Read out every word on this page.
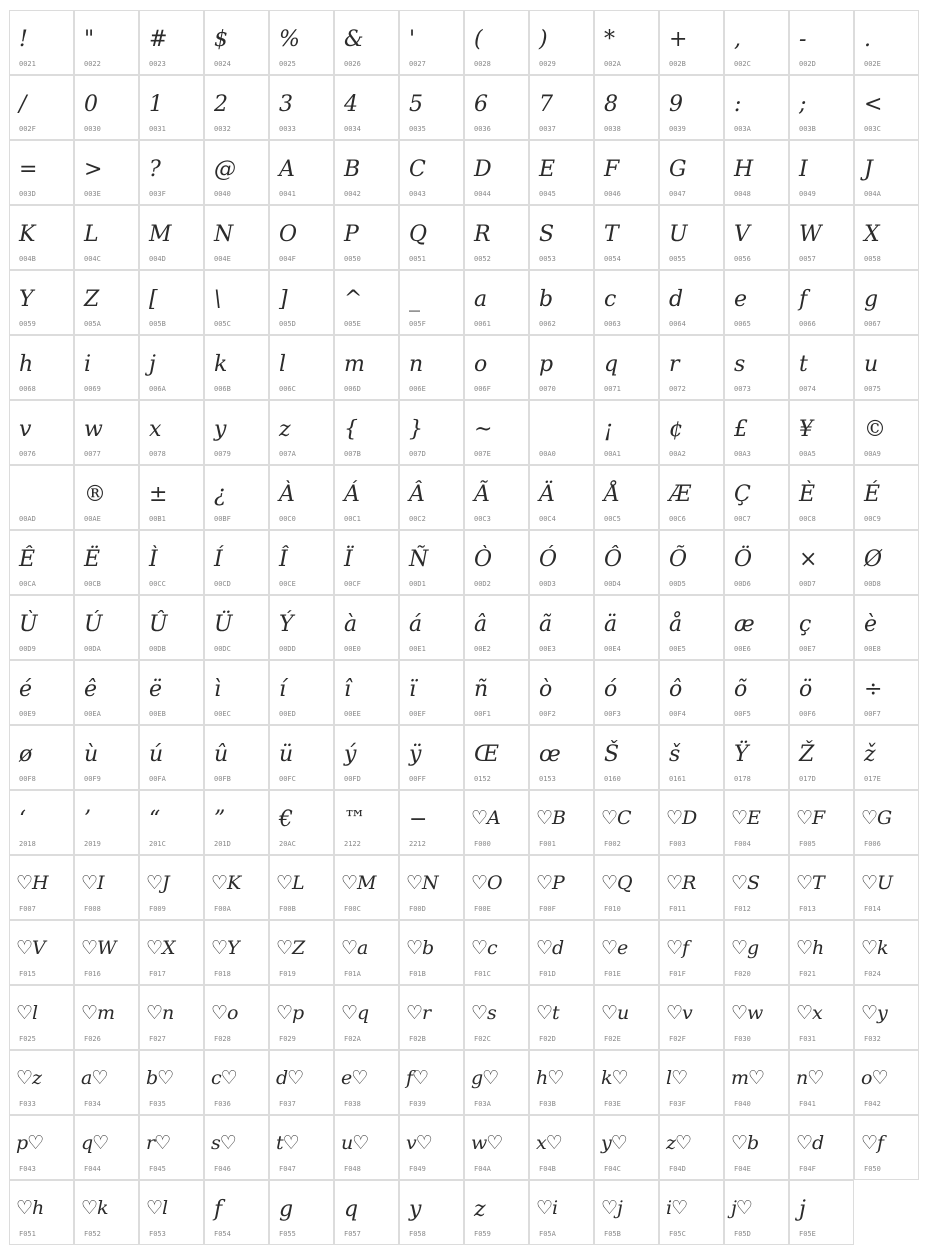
!
0021
"
0022
#
0023
$
0024
%
0025
&
0026
'
0027
(
0028
)
0029
*
002A
+
002B
,
002C
-
002D
.
002E
/
002F
0
0030
1
0031
2
0032
3
0033
4
0034
5
0035
6
0036
7
0037
8
0038
9
0039
:
003A
;
003B
<
003C
=
003D
>
003E
?
003F
@
0040
A
0041
B
0042
C
0043
D
0044
E
0045
F
0046
G
0047
H
0048
I
0049
J
004A
K
004B
L
004C
M
004D
N
004E
O
004F
P
0050
Q
0051
R
0052
S
0053
T
0054
U
0055
V
0056
W
0057
X
0058
Y
0059
Z
005A
[
005B
\
005C
]
005D
^
005E
_
005F
a
0061
b
0062
c
0063
d
0064
e
0065
f
0066
g
0067
h
0068
i
0069
j
006A
k
006B
l
006C
m
006D
n
006E
o
006F
p
0070
q
0071
r
0072
s
0073
t
0074
u
0075
v
0076
w
0077
x
0078
y
0079
z
007A
{
007B
}
007D
~
007E	00A0
¡
00A1
¢
00A2
£
00A3
¥
00A5
©
00A9
00AD
®
00AE
±
00B1
¿
00BF
À
00C0
Á
00C1
Â
00C2
Ã
00C3
Ä
00C4
Å
00C5
Æ
00C6
Ç
00C7
È
00C8
É
00C9
Ê
00CA
Ë
00CB
Ì
00CC
Í
00CD
Î
00CE
Ï
00CF
Ñ
00D1
Ò
00D2
Ó
00D3
Ô
00D4
Õ
00D5
Ö
00D6
×
00D7
Ø
00D8
Ù
00D9
Ú
00DA
Û
00DB
Ü
00DC
Ý
00DD
à
00E0
á
00E1
â
00E2
ã
00E3
ä
00E4
å
00E5
æ
00E6
ç
00E7
è
00E8
é
00E9
ê
00EA
ë
00EB
ì
00EC
í
00ED
î
00EE
ï
00EF
ñ
00F1
ò
00F2
ó
00F3
ô
00F4
õ
00F5
ö
00F6
÷
00F7
ø
00F8
ù
00F9
ú
00FA
û
00FB
ü
00FC
ý
00FD
ÿ
00FF
Œ
0152
œ
0153
Š
0160
š
0161
Ÿ
0178
Ž
017D
ž
017E
‘
2018
’
2019
“
201C
”
201D
€
20AC
™
2122
−
2212
♡A
F000
♡B
F001
♡C
F002
♡D
F003
♡E
F004
♡F
F005
♡G
F006
♡H
F007
♡I
F008
♡J
F009
♡K
F00A
♡L
F00B
♡M
F00C
♡N
F00D
♡O
F00E
♡P
F00F
♡Q
F010
♡R
F011
♡S
F012
♡T
F013
♡U
F014
♡V
F015
♡W
F016
♡X
F017
♡Y
F018
♡Z
F019
♡a
F01A
♡b
F01B
♡c
F01C
♡d
F01D
♡e
F01E
♡f
F01F
♡g
F020
♡h
F021
♡k
F024
♡l
F025
♡m
F026
♡n
F027
♡o
F028
♡p
F029
♡q
F02A
♡r
F02B
♡s
F02C
♡t
F02D
♡u
F02E
♡v
F02F
♡w
F030
♡x
F031
♡y
F032
♡z
F033
a♡
F034
b♡
F035
c♡
F036
d♡
F037
e♡
F038
f♡
F039
g♡
F03A
h♡
F03B
k♡
F03E
l♡
F03F
m♡
F040
n♡
F041
o♡
F042
p♡
F043
q♡
F044
r♡
F045
s♡
F046
t♡
F047
u♡
F048
v♡
F049
w♡
F04A
x♡
F04B
y♡
F04C
z♡
F04D
♡b
F04E
♡d
F04F
♡f
F050
♡h
F051
♡k
F052
♡l
F053
f
F054
g
F055
q
F057
y
F058
z
F059
♡i
F05A
♡j
F05B
i♡
F05C
j♡
F05D
j
F05E
